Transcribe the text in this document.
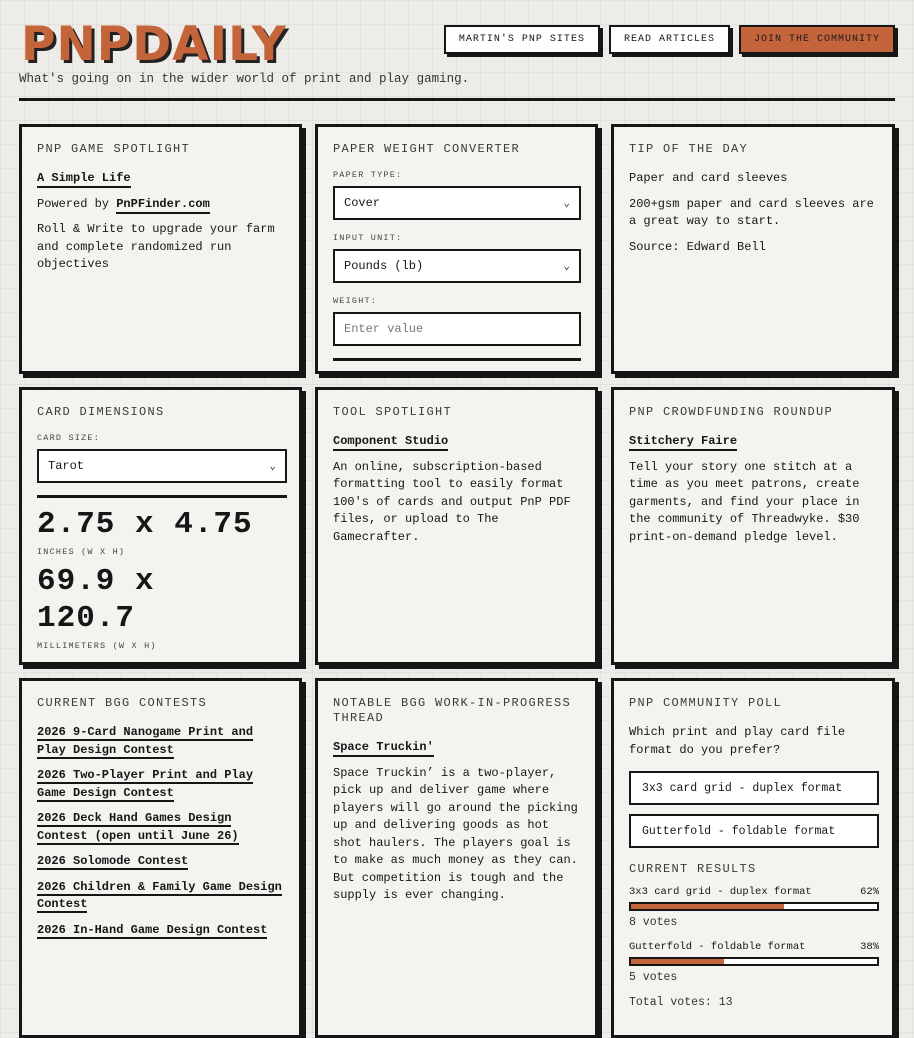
PNPDAILY
What's going on in the wider world of print and play gaming.
MARTIN'S PNP SITES	READ ARTICLES	JOIN THE COMMUNITY
PNP GAME SPOTLIGHT

A Simple Life

Powered by PnPFinder.com

Roll & Write to upgrade your farm and complete randomized run objectives

PAPER WEIGHT CONVERTER
PAPER TYPE:
Cover	⌄
INPUT UNIT:
Pounds (lb)	⌄
WEIGHT:
Enter value
TIP OF THE DAY

Paper and card sleeves

200+gsm paper and card sleeves are a great way to start.

Source: Edward Bell

CARD DIMENSIONS
CARD SIZE:
Tarot	⌄
2.75 x 4.75
INCHES (W X H)
69.9 x
120.7
MILLIMETERS (W X H)
TOOL SPOTLIGHT

Component Studio

An online, subscription-based formatting tool to easily format 100's of cards and output PnP PDF files, or upload to The Gamecrafter.

PNP CROWDFUNDING ROUNDUP

Stitchery Faire

Tell your story one stitch at a time as you meet patrons, create garments, and find your place in the community of Threadwyke. $30 print-on-demand pledge level.

CURRENT BGG CONTESTS
2026 9-Card Nanogame Print and Play Design Contest
2026 Two-Player Print and Play Game Design Contest
2026 Deck Hand Games Design Contest (open until June 26)
2026 Solomode Contest
2026 Children & Family Game Design Contest
2026 In-Hand Game Design Contest
NOTABLE BGG WORK-IN-PROGRESS THREAD

Space Truckin'

Space Truckin’ is a two-player, pick up and deliver game where players will go around the picking up and delivering goods as hot shot haulers. The players goal is to make as much money as they can. But competition is tough and the supply is ever changing.

PNP COMMUNITY POLL

Which print and play card file format do you prefer?

3x3 card grid - duplex format
Gutterfold - foldable format
CURRENT RESULTS
3x3 card grid - duplex format	62%
8 votes
Gutterfold - foldable format	38%
5 votes
Total votes: 13
